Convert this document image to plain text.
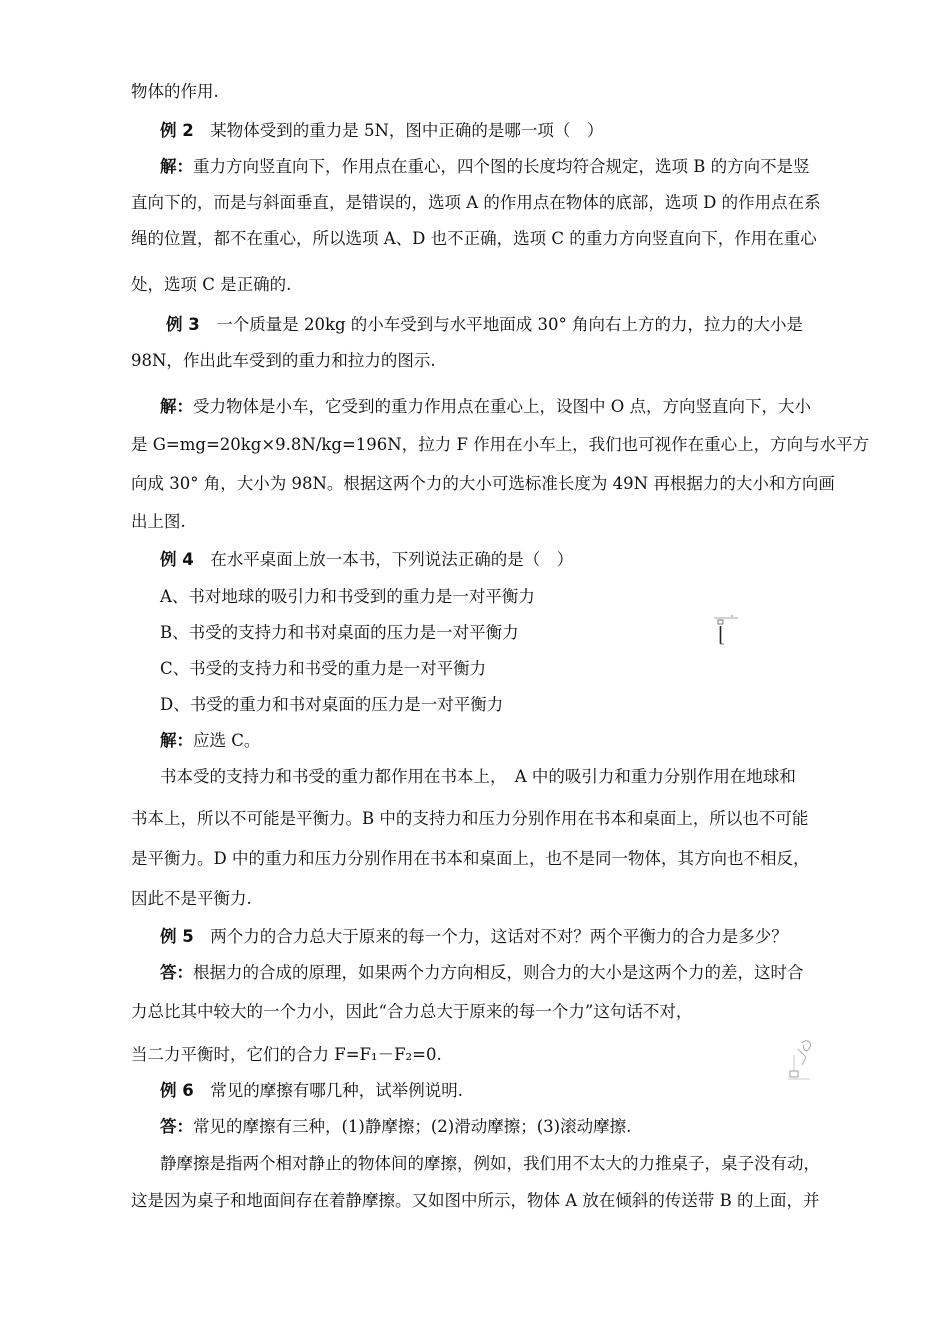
物体的作用.
例 2　某物体受到的重力是 5N，图中正确的是哪一项（　）
解：重力方向竖直向下，作用点在重心，四个图的长度均符合规定，选项 B 的方向不是竖
直向下的，而是与斜面垂直，是错误的，选项 A 的作用点在物体的底部，选项 D 的作用点在系
绳的位置，都不在重心，所以选项 A、D 也不正确，选项 C 的重力方向竖直向下，作用在重心
处，选项 C 是正确的.
例 3　一个质量是 20kg 的小车受到与水平地面成 30° 角向右上方的力，拉力的大小是
98N，作出此车受到的重力和拉力的图示.
解：受力物体是小车，它受到的重力作用点在重心上，设图中 O 点，方向竖直向下，大小
是 G=mg=20kg×9.8N/kg=196N，拉力 F 作用在小车上，我们也可视作在重心上，方向与水平方
向成 30° 角，大小为 98N。根据这两个力的大小可选标准长度为 49N 再根据力的大小和方向画
出上图.
例 4　在水平桌面上放一本书，下列说法正确的是（　）
A、书对地球的吸引力和书受到的重力是一对平衡力
B、书受的支持力和书对桌面的压力是一对平衡力
C、书受的支持力和书受的重力是一对平衡力
D、书受的重力和书对桌面的压力是一对平衡力
解：应选 C。
书本受的支持力和书受的重力都作用在书本上，　A 中的吸引力和重力分别作用在地球和
书本上，所以不可能是平衡力。B 中的支持力和压力分别作用在书本和桌面上，所以也不可能
是平衡力。D 中的重力和压力分别作用在书本和桌面上，也不是同一物体，其方向也不相反，
因此不是平衡力.
例 5　两个力的合力总大于原来的每一个力，这话对不对？两个平衡力的合力是多少？
答：根据力的合成的原理，如果两个力方向相反，则合力的大小是这两个力的差，这时合
力总比其中较大的一个力小，因此“合力总大于原来的每一个力”这句话不对，
当二力平衡时，它们的合力 F=F₁－F₂=0.
例 6　常见的摩擦有哪几种，试举例说明.
答：常见的摩擦有三种，(1)静摩擦；(2)滑动摩擦；(3)滚动摩擦.
静摩擦是指两个相对静止的物体间的摩擦，例如，我们用不太大的力推桌子，桌子没有动，
这是因为桌子和地面间存在着静摩擦。又如图中所示，物体 A 放在倾斜的传送带 B 的上面，并
